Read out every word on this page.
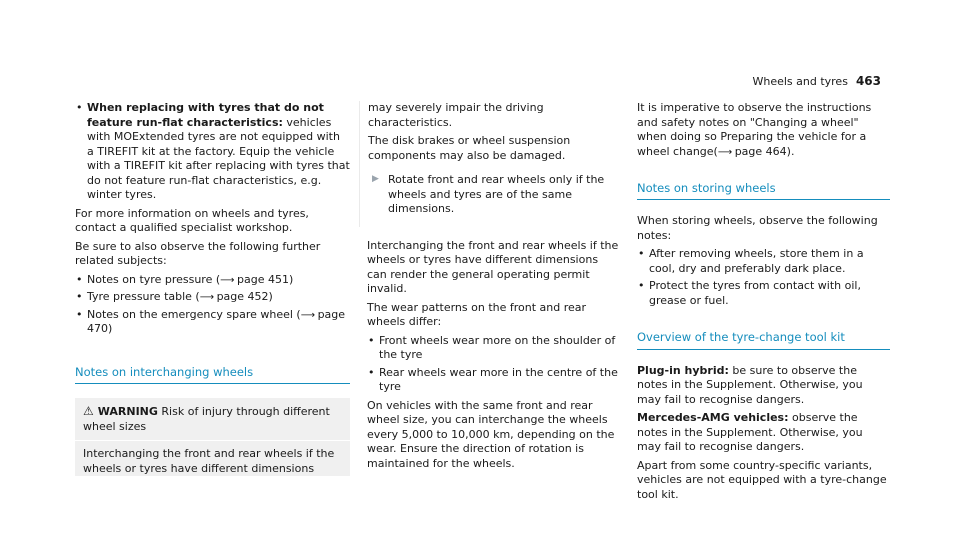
Wheels and tyres 463
• When replacing with tyres that do not feature run-flat characteristics: vehicles with MOExtended tyres are not equipped with a TIREFIT kit at the factory. Equip the vehicle with a TIREFIT kit after replacing with tyres that do not feature run-flat characteristics, e.g. winter tyres.

For more information on wheels and tyres, contact a qualified specialist workshop.

Be sure to also observe the following further related subjects:

• Notes on tyre pressure (⟶ page 451)
• Tyre pressure table (⟶ page 452)
• Notes on the emergency spare wheel (⟶ page 470)
Notes on interchanging wheels
⚠ WARNING Risk of injury through different wheel sizes
Interchanging the front and rear wheels if the wheels or tyres have different dimensions

may severely impair the driving characteristics.

The disk brakes or wheel suspension components may also be damaged.

▶ Rotate front and rear wheels only if the wheels and tyres are of the same dimensions.

Interchanging the front and rear wheels if the wheels or tyres have different dimensions can render the general operating permit invalid.

The wear patterns on the front and rear wheels differ:

• Front wheels wear more on the shoulder of the tyre
• Rear wheels wear more in the centre of the tyre

On vehicles with the same front and rear wheel size, you can interchange the wheels every 5,000 to 10,000 km, depending on the wear. Ensure the direction of rotation is maintained for the wheels.

It is imperative to observe the instructions and safety notes on "Changing a wheel" when doing so Preparing the vehicle for a wheel change(⟶ page 464).

Notes on storing wheels

When storing wheels, observe the following notes:

• After removing wheels, store them in a cool, dry and preferably dark place.
• Protect the tyres from contact with oil, grease or fuel.
Overview of the tyre-change tool kit

Plug-in hybrid: be sure to observe the notes in the Supplement. Otherwise, you may fail to recognise dangers.

Mercedes-AMG vehicles: observe the notes in the Supplement. Otherwise, you may fail to recognise dangers.

Apart from some country-specific variants, vehicles are not equipped with a tyre-change tool kit.
